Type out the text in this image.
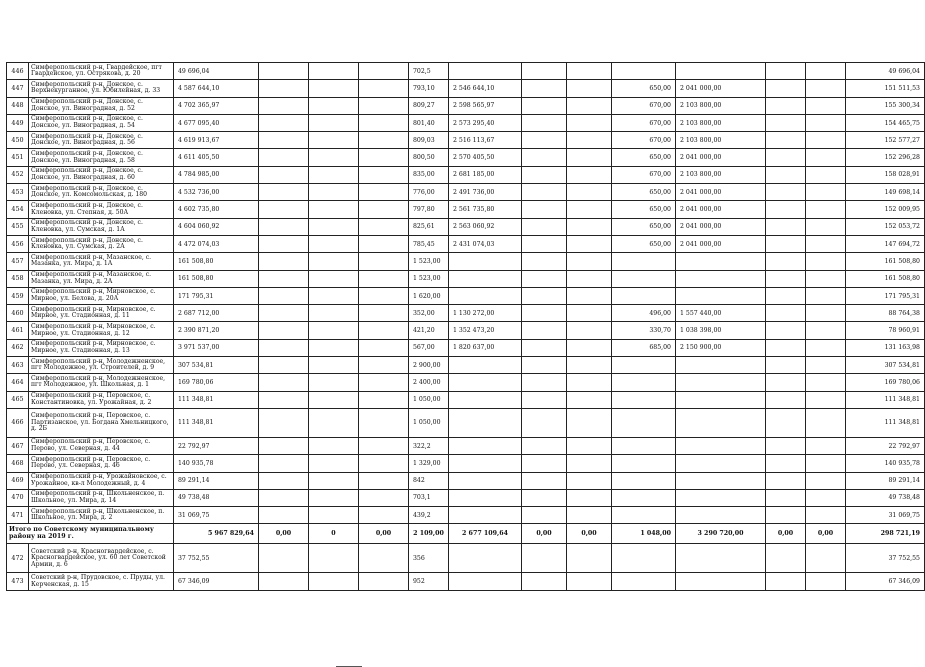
446	Симферопольский р-н, Гвардейское, пгт Гвардейское, ул. Острякова, д. 20	49 696,04				702,5								49 696,04
447	Симферопольский р-н, Донское, с. Верхнекурганное, ул. Юбилейная, д. 33	4 587 644,10				793,10	2 546 644,10			650,00	2 041 000,00			151 511,53
448	Симферопольский р-н, Донское, с. Донское, ул. Виноградная, д. 52	4 702 365,97				809,27	2 598 565,97			670,00	2 103 800,00			155 300,34
449	Симферопольский р-н, Донское, с. Донское, ул. Виноградная, д. 54	4 677 095,40				801,40	2 573 295,40			670,00	2 103 800,00			154 465,75
450	Симферопольский р-н, Донское, с. Донское, ул. Виноградная, д. 56	4 619 913,67				809,03	2 516 113,67			670,00	2 103 800,00			152 577,27
451	Симферопольский р-н, Донское, с. Донское, ул. Виноградная, д. 58	4 611 405,50				800,50	2 570 405,50			650,00	2 041 000,00			152 296,28
452	Симферопольский р-н, Донское, с. Донское, ул. Виноградная, д. 60	4 784 985,00				835,00	2 681 185,00			670,00	2 103 800,00			158 028,91
453	Симферопольский р-н, Донское, с. Донское, ул. Комсомольская, д. 180	4 532 736,00				776,00	2 491 736,00			650,00	2 041 000,00			149 698,14
454	Симферопольский р-н, Донское, с. Кленовка, ул. Степная, д. 50А	4 602 735,80				797,80	2 561 735,80			650,00	2 041 000,00			152 009,95
455	Симферопольский р-н, Донское, с. Кленовка, ул. Сумская, д. 1А	4 604 060,92				825,61	2 563 060,92			650,00	2 041 000,00			152 053,72
456	Симферопольский р-н, Донское, с. Кленовка, ул. Сумская, д. 2А	4 472 074,03				785,45	2 431 074,03			650,00	2 041 000,00			147 694,72
457	Симферопольский р-н, Мазанское, с. Мазанка, ул. Мира, д. 1А	161 508,80				1 523,00								161 508,80
458	Симферопольский р-н, Мазанское, с. Мазанка, ул. Мира, д. 2А	161 508,80				1 523,00								161 508,80
459	Симферопольский р-н, Мирновское, с. Мирное, ул. Белова, д. 20А	171 795,31				1 620,00								171 795,31
460	Симферопольский р-н, Мирновское, с. Мирное, ул. Стадионная, д. 11	2 687 712,00				352,00	1 130 272,00			496,00	1 557 440,00			88 764,38
461	Симферопольский р-н, Мирновское, с. Мирное, ул. Стадионная, д. 12	2 390 871,20				421,20	1 352 473,20			330,70	1 038 398,00			78 960,91
462	Симферопольский р-н, Мирновское, с. Мирное, ул. Стадионная, д. 13	3 971 537,00				567,00	1 820 637,00			685,00	2 150 900,00			131 163,98
463	Симферопольский р-н, Молодежненское, пгт Молодежное, ул. Строителей, д. 9	307 534,81				2 900,00								307 534,81
464	Симферопольский р-н, Молодежненское, пгт Молодежное, ул. Школьная, д. 1	169 780,06				2 400,00								169 780,06
465	Симферопольский р-н, Перовское, с. Константиновка, ул. Урожайная, д. 2	111 348,81				1 050,00								111 348,81
466	Симферопольский р-н, Перовское, с. Партизанское, ул. Богдана Хмельницкого, д. 2Б	111 348,81				1 050,00								111 348,81
467	Симферопольский р-н, Перовское, с. Перово, ул. Северная, д. 44	22 792,97				322,2								22 792,97
468	Симферопольский р-н, Перовское, с. Перово, ул. Северная, д. 46	140 935,78				1 329,00								140 935,78
469	Симферопольский р-н, Урожайновское, с. Урожайное, кв-л Молодежный, д. 4	89 291,14				842								89 291,14
470	Симферопольский р-н, Школьненское, п. Школьное, ул. Мира, д. 14	49 738,48				703,1								49 738,48
471	Симферопольский р-н, Школьненское, п. Школьное, ул. Мира, д. 2	31 069,75				439,2								31 069,75
Итого по Советскому муниципальному району на 2019 г.		5 967 829,64	0,00	0	0,00	2 109,00	2 677 109,64	0,00	0,00	1 048,00	3 290 720,00	0,00	0,00	298 721,19
472	Советский р-н, Красногвардейское, с. Красногвардейское, ул. 60 лет Советской Армии, д. 6	37 752,55				356								37 752,55
473	Советский р-н, Прудовское, с. Пруды, ул. Керченская, д. 15	67 346,09				952								67 346,09
